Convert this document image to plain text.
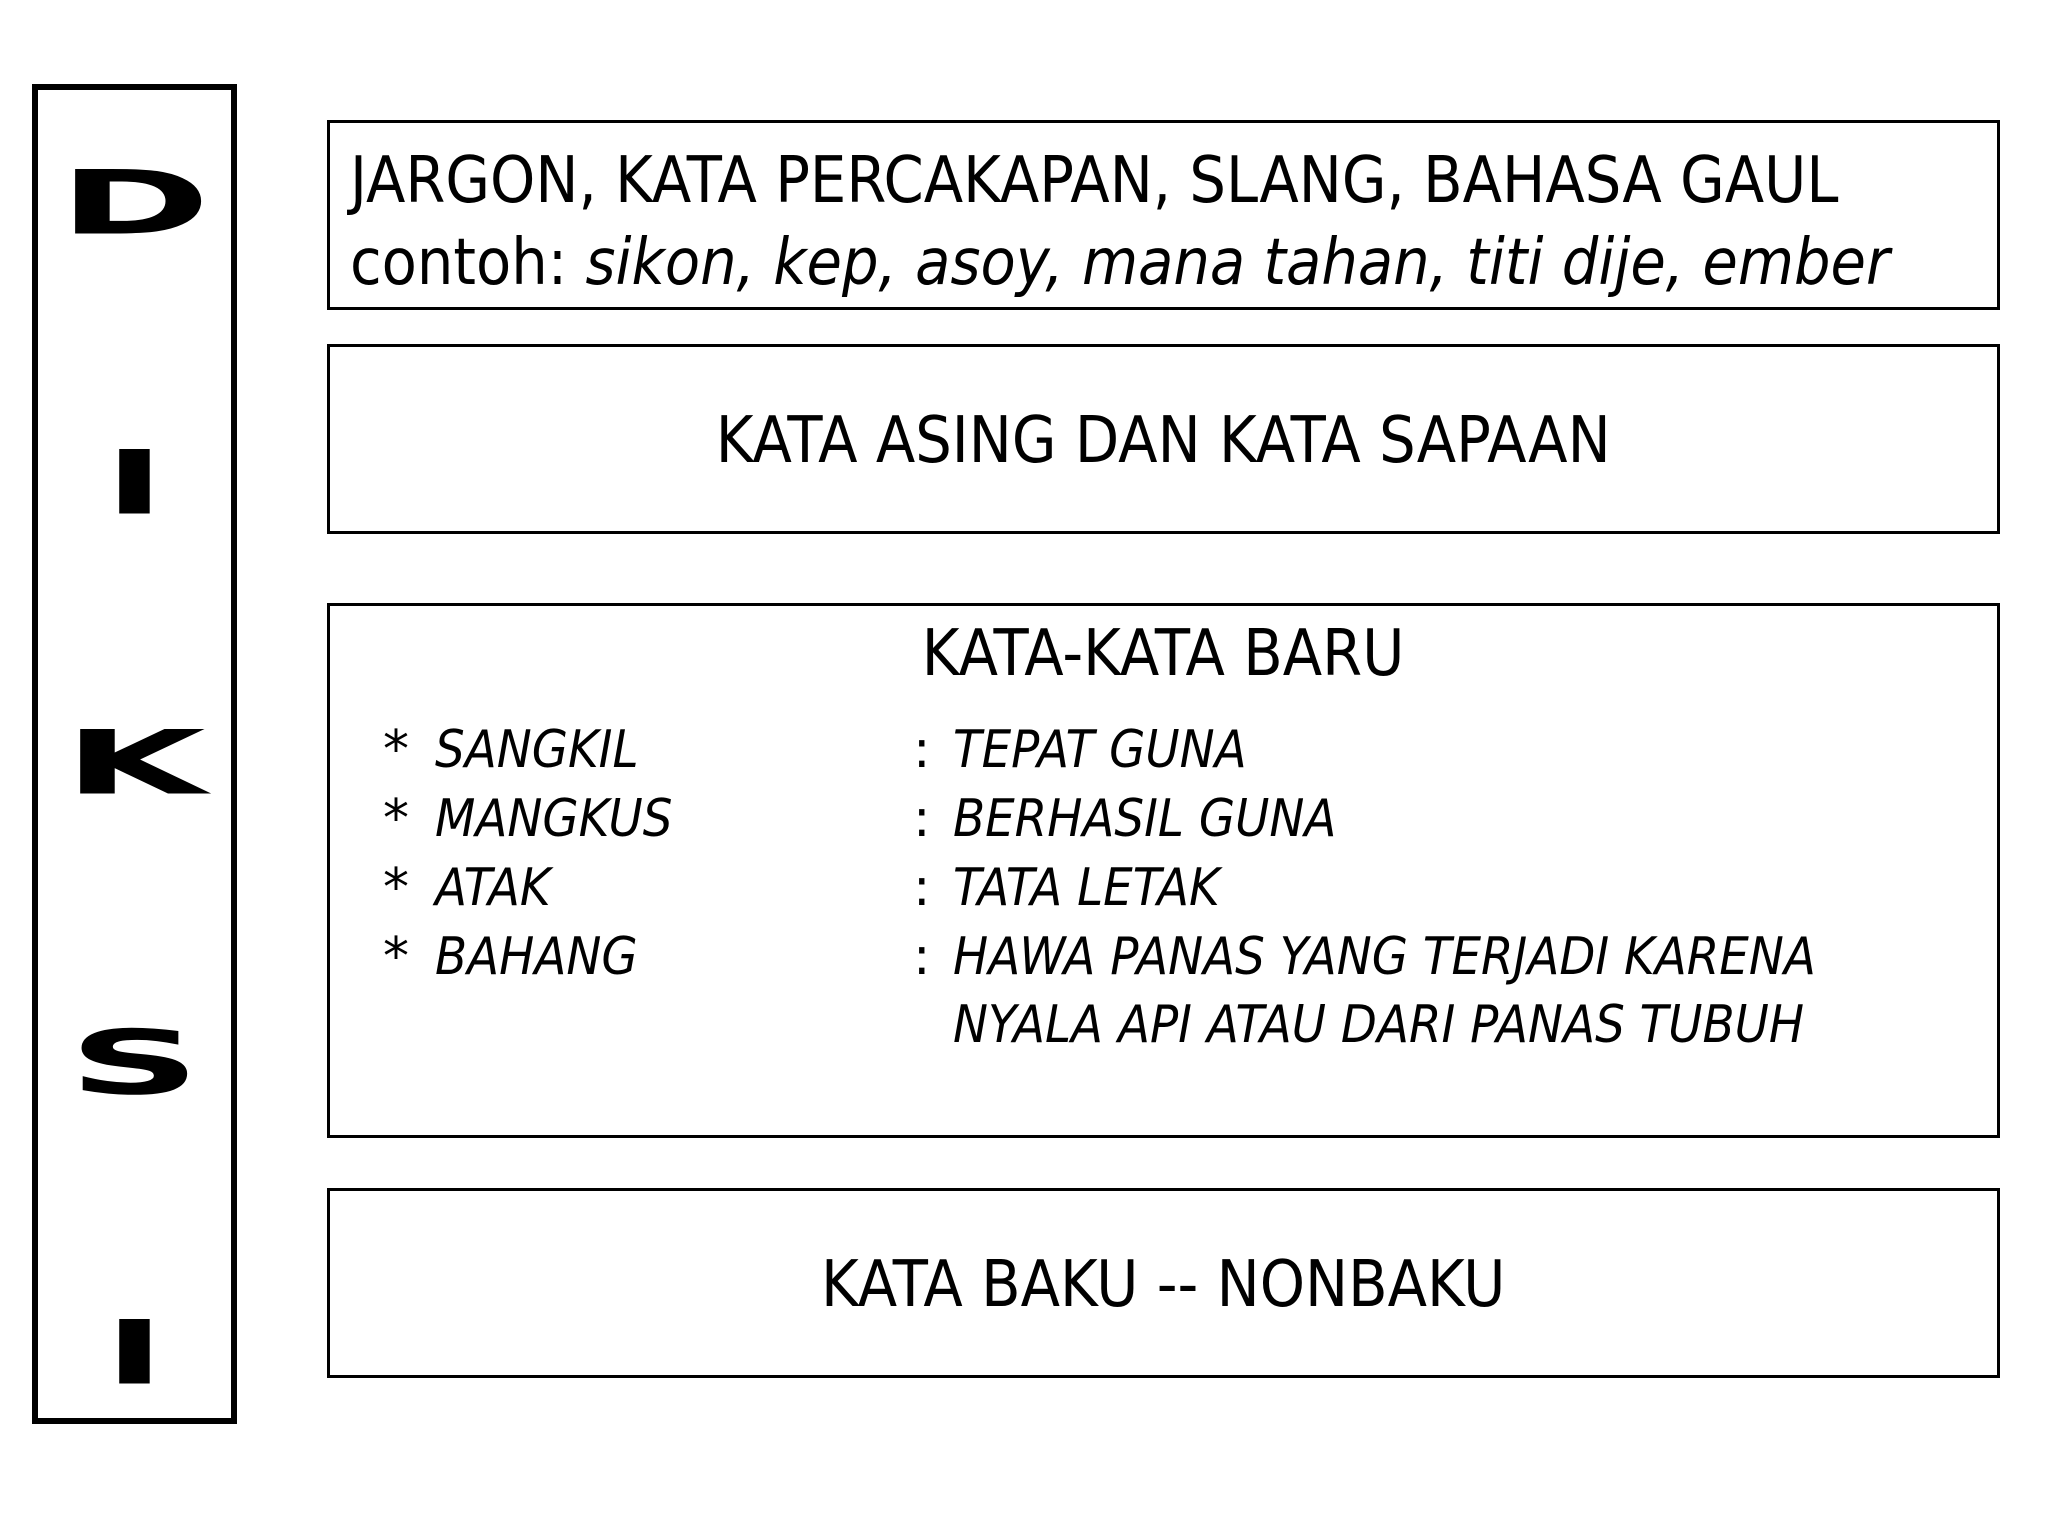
D
I
K
S
I
JARGON, KATA PERCAKAPAN, SLANG, BAHASA GAUL
contoh: sikon, kep, asoy, mana tahan, titi dije, ember
KATA ASING DAN KATA SAPAAN
KATA-KATA BARU
* SANGKIL	: TEPAT GUNA
* MANGKUS	: BERHASIL GUNA
* ATAK	: TATA LETAK
* BAHANG	: HAWA PANAS YANG TERJADI KARENA
NYALA API ATAU DARI PANAS TUBUH
KATA BAKU -- NONBAKU
